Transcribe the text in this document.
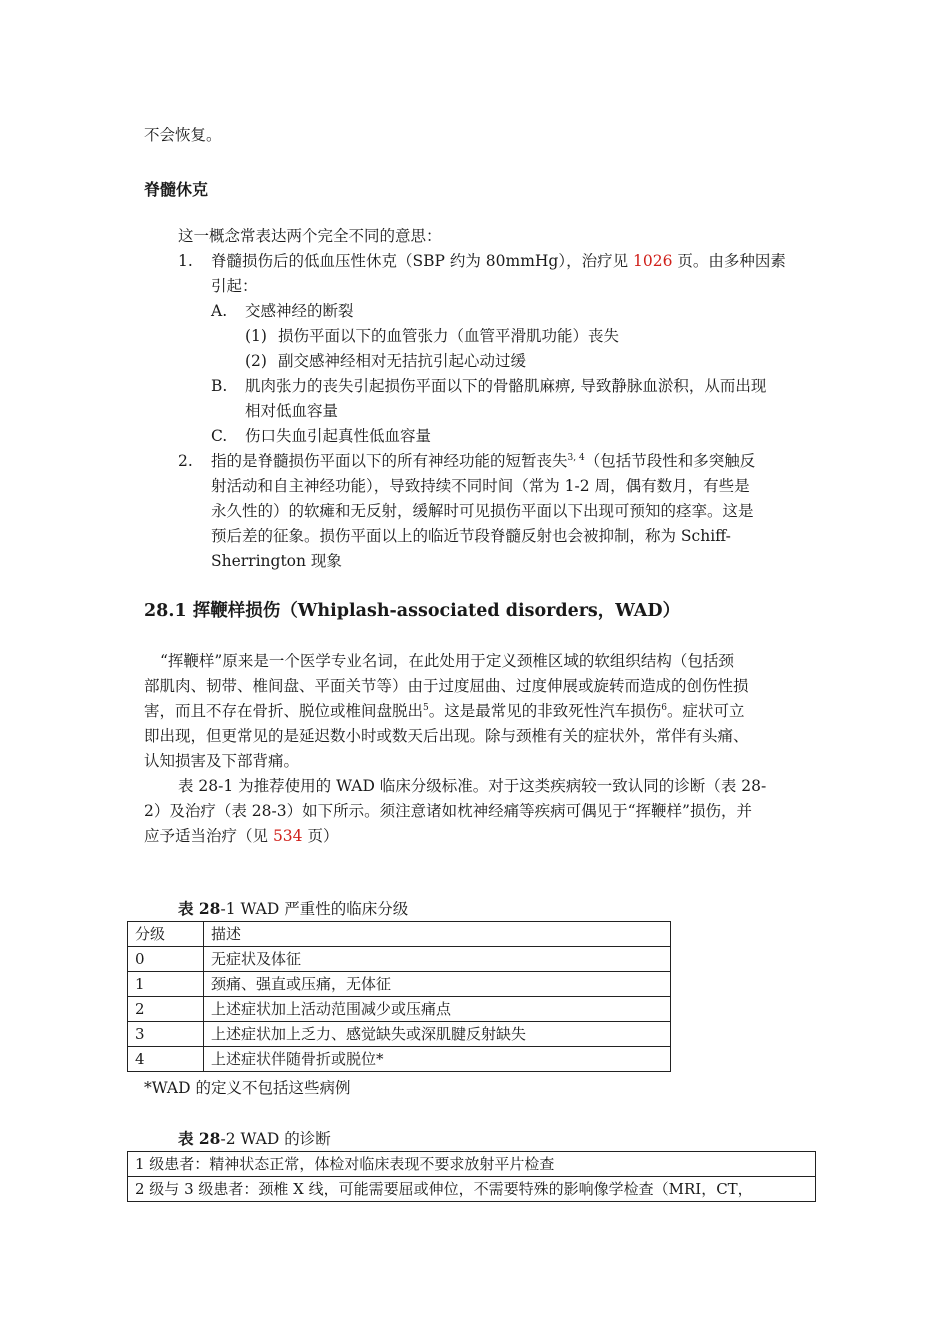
不会恢复。
脊髓休克
这一概念常表达两个完全不同的意思：
1. 脊髓损伤后的低血压性休克（SBP 约为 80mmHg），治疗见 1026 页。由多种因素
引起：
A. 交感神经的断裂
(1) 损伤平面以下的血管张力（血管平滑肌功能）丧失
(2) 副交感神经相对无拮抗引起心动过缓
B. 肌肉张力的丧失引起损伤平面以下的骨骼肌麻痹, 导致静脉血淤积，从而出现
相对低血容量
C. 伤口失血引起真性低血容量
2. 指的是脊髓损伤平面以下的所有神经功能的短暂丧失$^{3, 4}$（包括节段性和多突触反
射活动和自主神经功能），导致持续不同时间（常为 1-2 周，偶有数月，有些是
永久性的）的软瘫和无反射，缓解时可见损伤平面以下出现可预知的痉挛。这是
预后差的征象。损伤平面以上的临近节段脊髓反射也会被抑制，称为 Schiff-
Sherrington 现象
28.1 挥鞭样损伤（Whiplash-associated disorders，WAD）
“挥鞭样”原来是一个医学专业名词，在此处用于定义颈椎区域的软组织结构（包括颈
部肌肉、韧带、椎间盘、平面关节等）由于过度屈曲、过度伸展或旋转而造成的创伤性损
害，而且不存在骨折、脱位或椎间盘脱出$^5$。这是最常见的非致死性汽车损伤$^6$。症状可立
即出现，但更常见的是延迟数小时或数天后出现。除与颈椎有关的症状外，常伴有头痛、
认知损害及下部背痛。
表 28-1 为推荐使用的 WAD 临床分级标准。对于这类疾病较一致认同的诊断（表 28-
2）及治疗（表 28-3）如下所示。须注意诸如枕神经痛等疾病可偶见于“挥鞭样”损伤，并
应予适当治疗（见 534 页）
表 28-1 WAD 严重性的临床分级
分级	描述
0	无症状及体征
1	颈痛、强直或压痛，无体征
2	上述症状加上活动范围减少或压痛点
3	上述症状加上乏力、感觉缺失或深肌腱反射缺失
4	上述症状伴随骨折或脱位*
*WAD 的定义不包括这些病例
表 28-2 WAD 的诊断
1 级患者：精神状态正常，体检对临床表现不要求放射平片检查
2 级与 3 级患者：颈椎 X 线，可能需要屈或伸位，不需要特殊的影响像学检查（MRI，CT，
